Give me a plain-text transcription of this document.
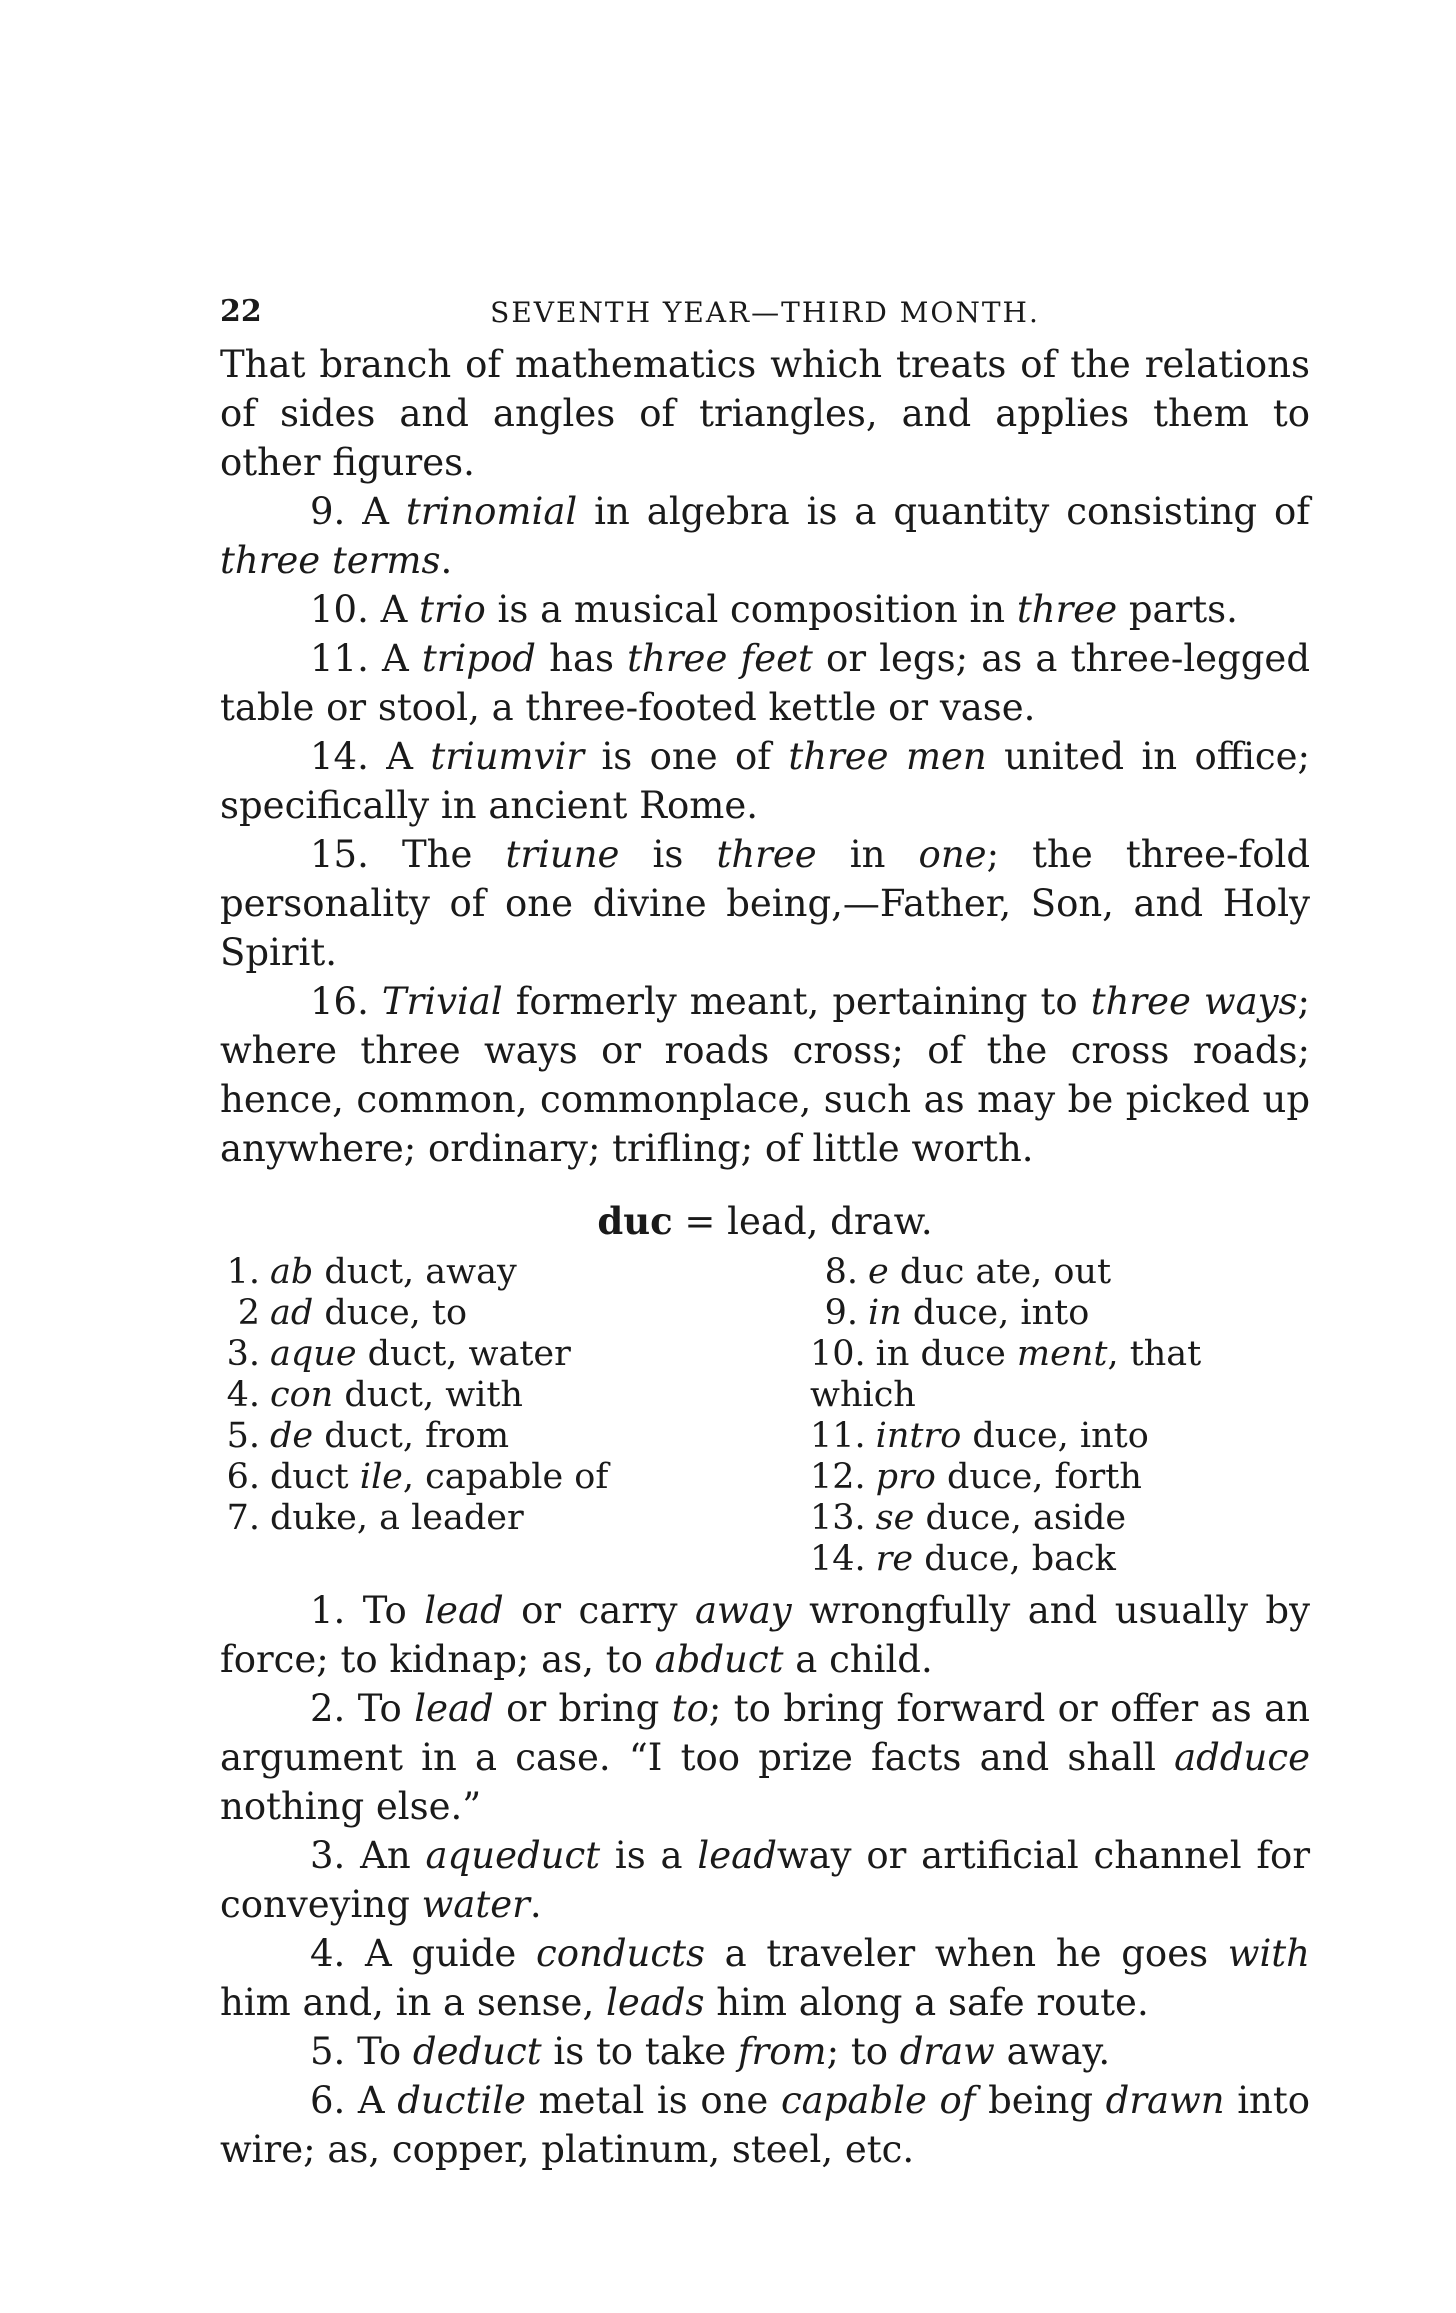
22	SEVENTH YEAR—THIRD MONTH.

That branch of mathematics which treats of the relations of sides and angles of triangles, and applies them to other figures.

9. A trinomial in algebra is a quantity consisting of three terms.

10. A trio is a musical composition in three parts.

11. A tripod has three feet or legs; as a three-legged table or stool, a three-footed kettle or vase.

14. A triumvir is one of three men united in office; specifically in ancient Rome.

15. The triune is three in one; the three-fold personality of one divine being,—Father, Son, and Holy Spirit.

16. Trivial formerly meant, pertaining to three ways; where three ways or roads cross; of the cross roads; hence, common, commonplace, such as may be picked up anywhere; ordinary; trifling; of little worth.

duc = lead, draw.
1. ab duct, away
2 ad duce, to
3. aque duct, water
4. con duct, with
5. de duct, from
6. duct ile, capable of
7. duke, a leader
8. e duc ate, out
9. in duce, into
10. in duce ment, that which
11. intro duce, into
12. pro duce, forth
13. se duce, aside
14. re duce, back

1. To lead or carry away wrongfully and usually by force; to kidnap; as, to abduct a child.

2. To lead or bring to; to bring forward or offer as an argument in a case. “I too prize facts and shall adduce nothing else.”

3. An aqueduct is a leadway or artificial channel for conveying water.

4. A guide conducts a traveler when he goes with him and, in a sense, leads him along a safe route.

5. To deduct is to take from; to draw away.

6. A ductile metal is one capable of being drawn into wire; as, copper, platinum, steel, etc.
